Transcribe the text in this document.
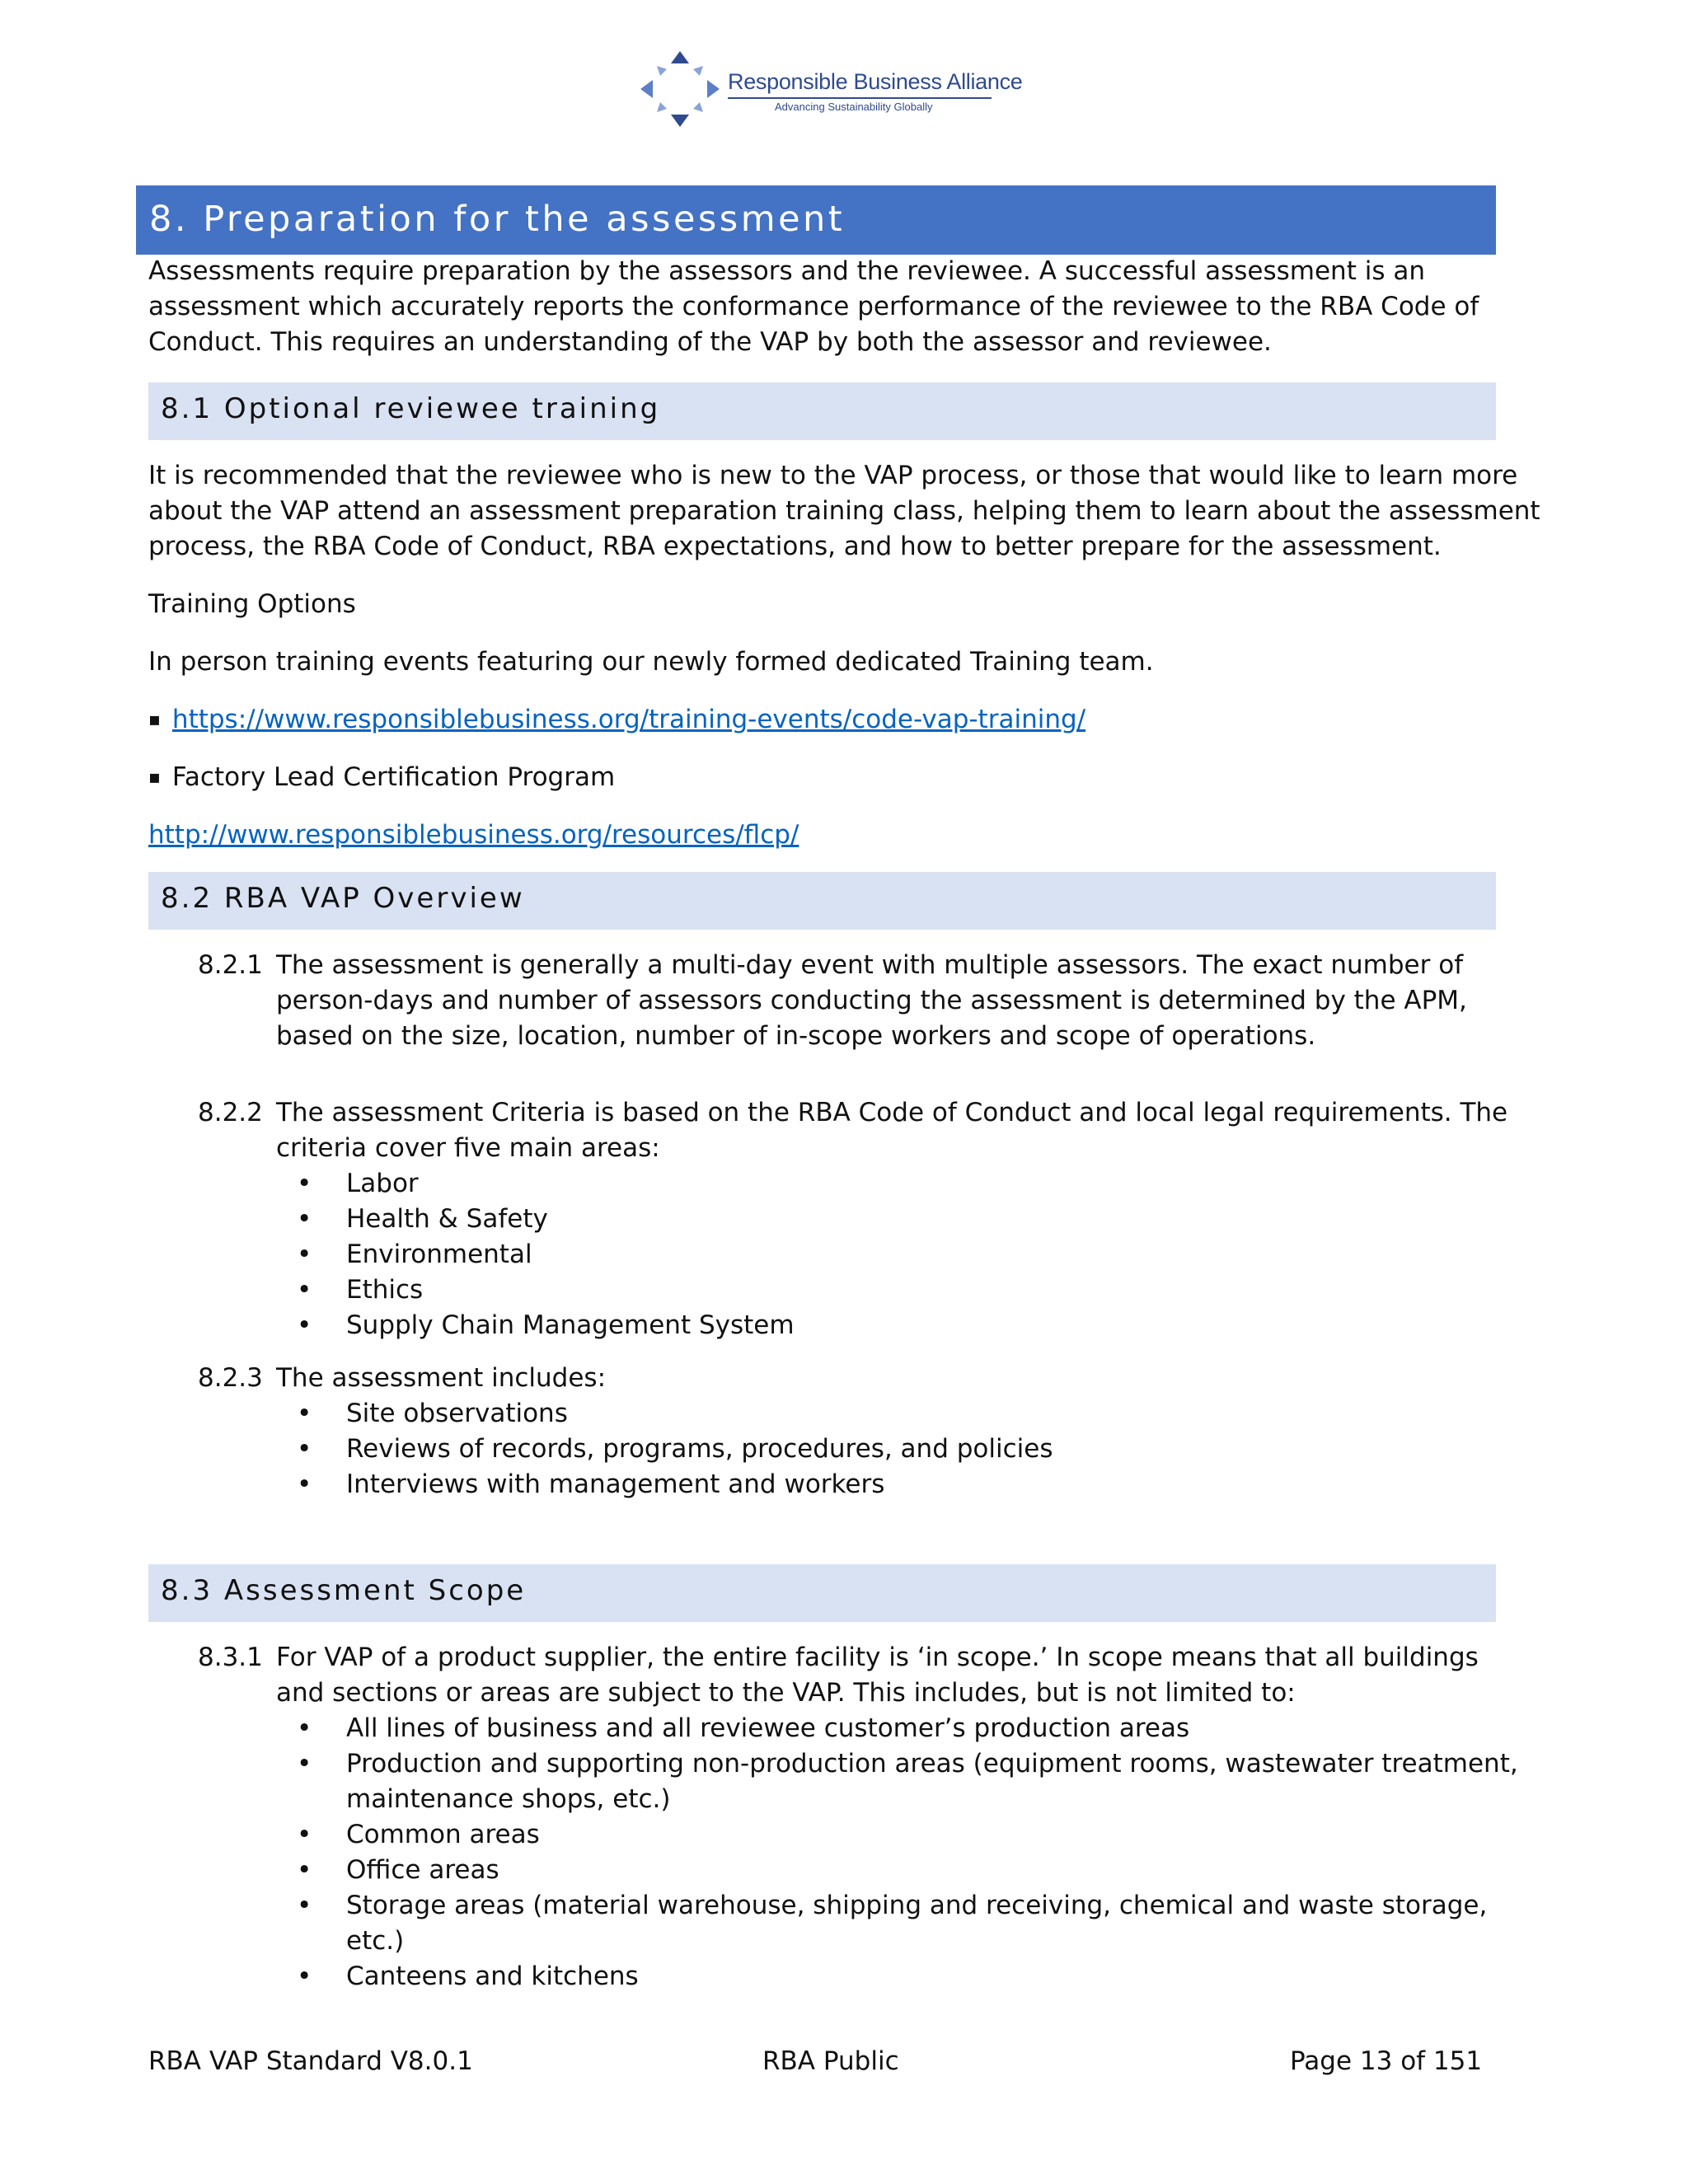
Responsible Business Alliance
Advancing Sustainability Globally
8. Preparation for the assessment
Assessments require preparation by the assessors and the reviewee. A successful assessment is an
assessment which accurately reports the conformance performance of the reviewee to the RBA Code of
Conduct. This requires an understanding of the VAP by both the assessor and reviewee.
8.1 Optional reviewee training
It is recommended that the reviewee who is new to the VAP process, or those that would like to learn more
about the VAP attend an assessment preparation training class, helping them to learn about the assessment
process, the RBA Code of Conduct, RBA expectations, and how to better prepare for the assessment.
Training Options
In person training events featuring our newly formed dedicated Training team.
▪ https://www.responsiblebusiness.org/training-events/code-vap-training/
▪ Factory Lead Certification Program
http://www.responsiblebusiness.org/resources/flcp/
8.2 RBA VAP Overview
8.2.1 The assessment is generally a multi-day event with multiple assessors. The exact number of
person-days and number of assessors conducting the assessment is determined by the APM,
based on the size, location, number of in-scope workers and scope of operations.
8.2.2 The assessment Criteria is based on the RBA Code of Conduct and local legal requirements. The
criteria cover five main areas:
• Labor
• Health & Safety
• Environmental
• Ethics
• Supply Chain Management System
8.2.3 The assessment includes:
• Site observations
• Reviews of records, programs, procedures, and policies
• Interviews with management and workers
8.3 Assessment Scope
8.3.1 For VAP of a product supplier, the entire facility is ‘in scope.’ In scope means that all buildings
and sections or areas are subject to the VAP. This includes, but is not limited to:
• All lines of business and all reviewee customer’s production areas
• Production and supporting non-production areas (equipment rooms, wastewater treatment,
maintenance shops, etc.)
• Common areas
• Office areas
• Storage areas (material warehouse, shipping and receiving, chemical and waste storage,
etc.)
• Canteens and kitchens
RBA VAP Standard V8.0.1	RBA Public	Page 13 of 151
